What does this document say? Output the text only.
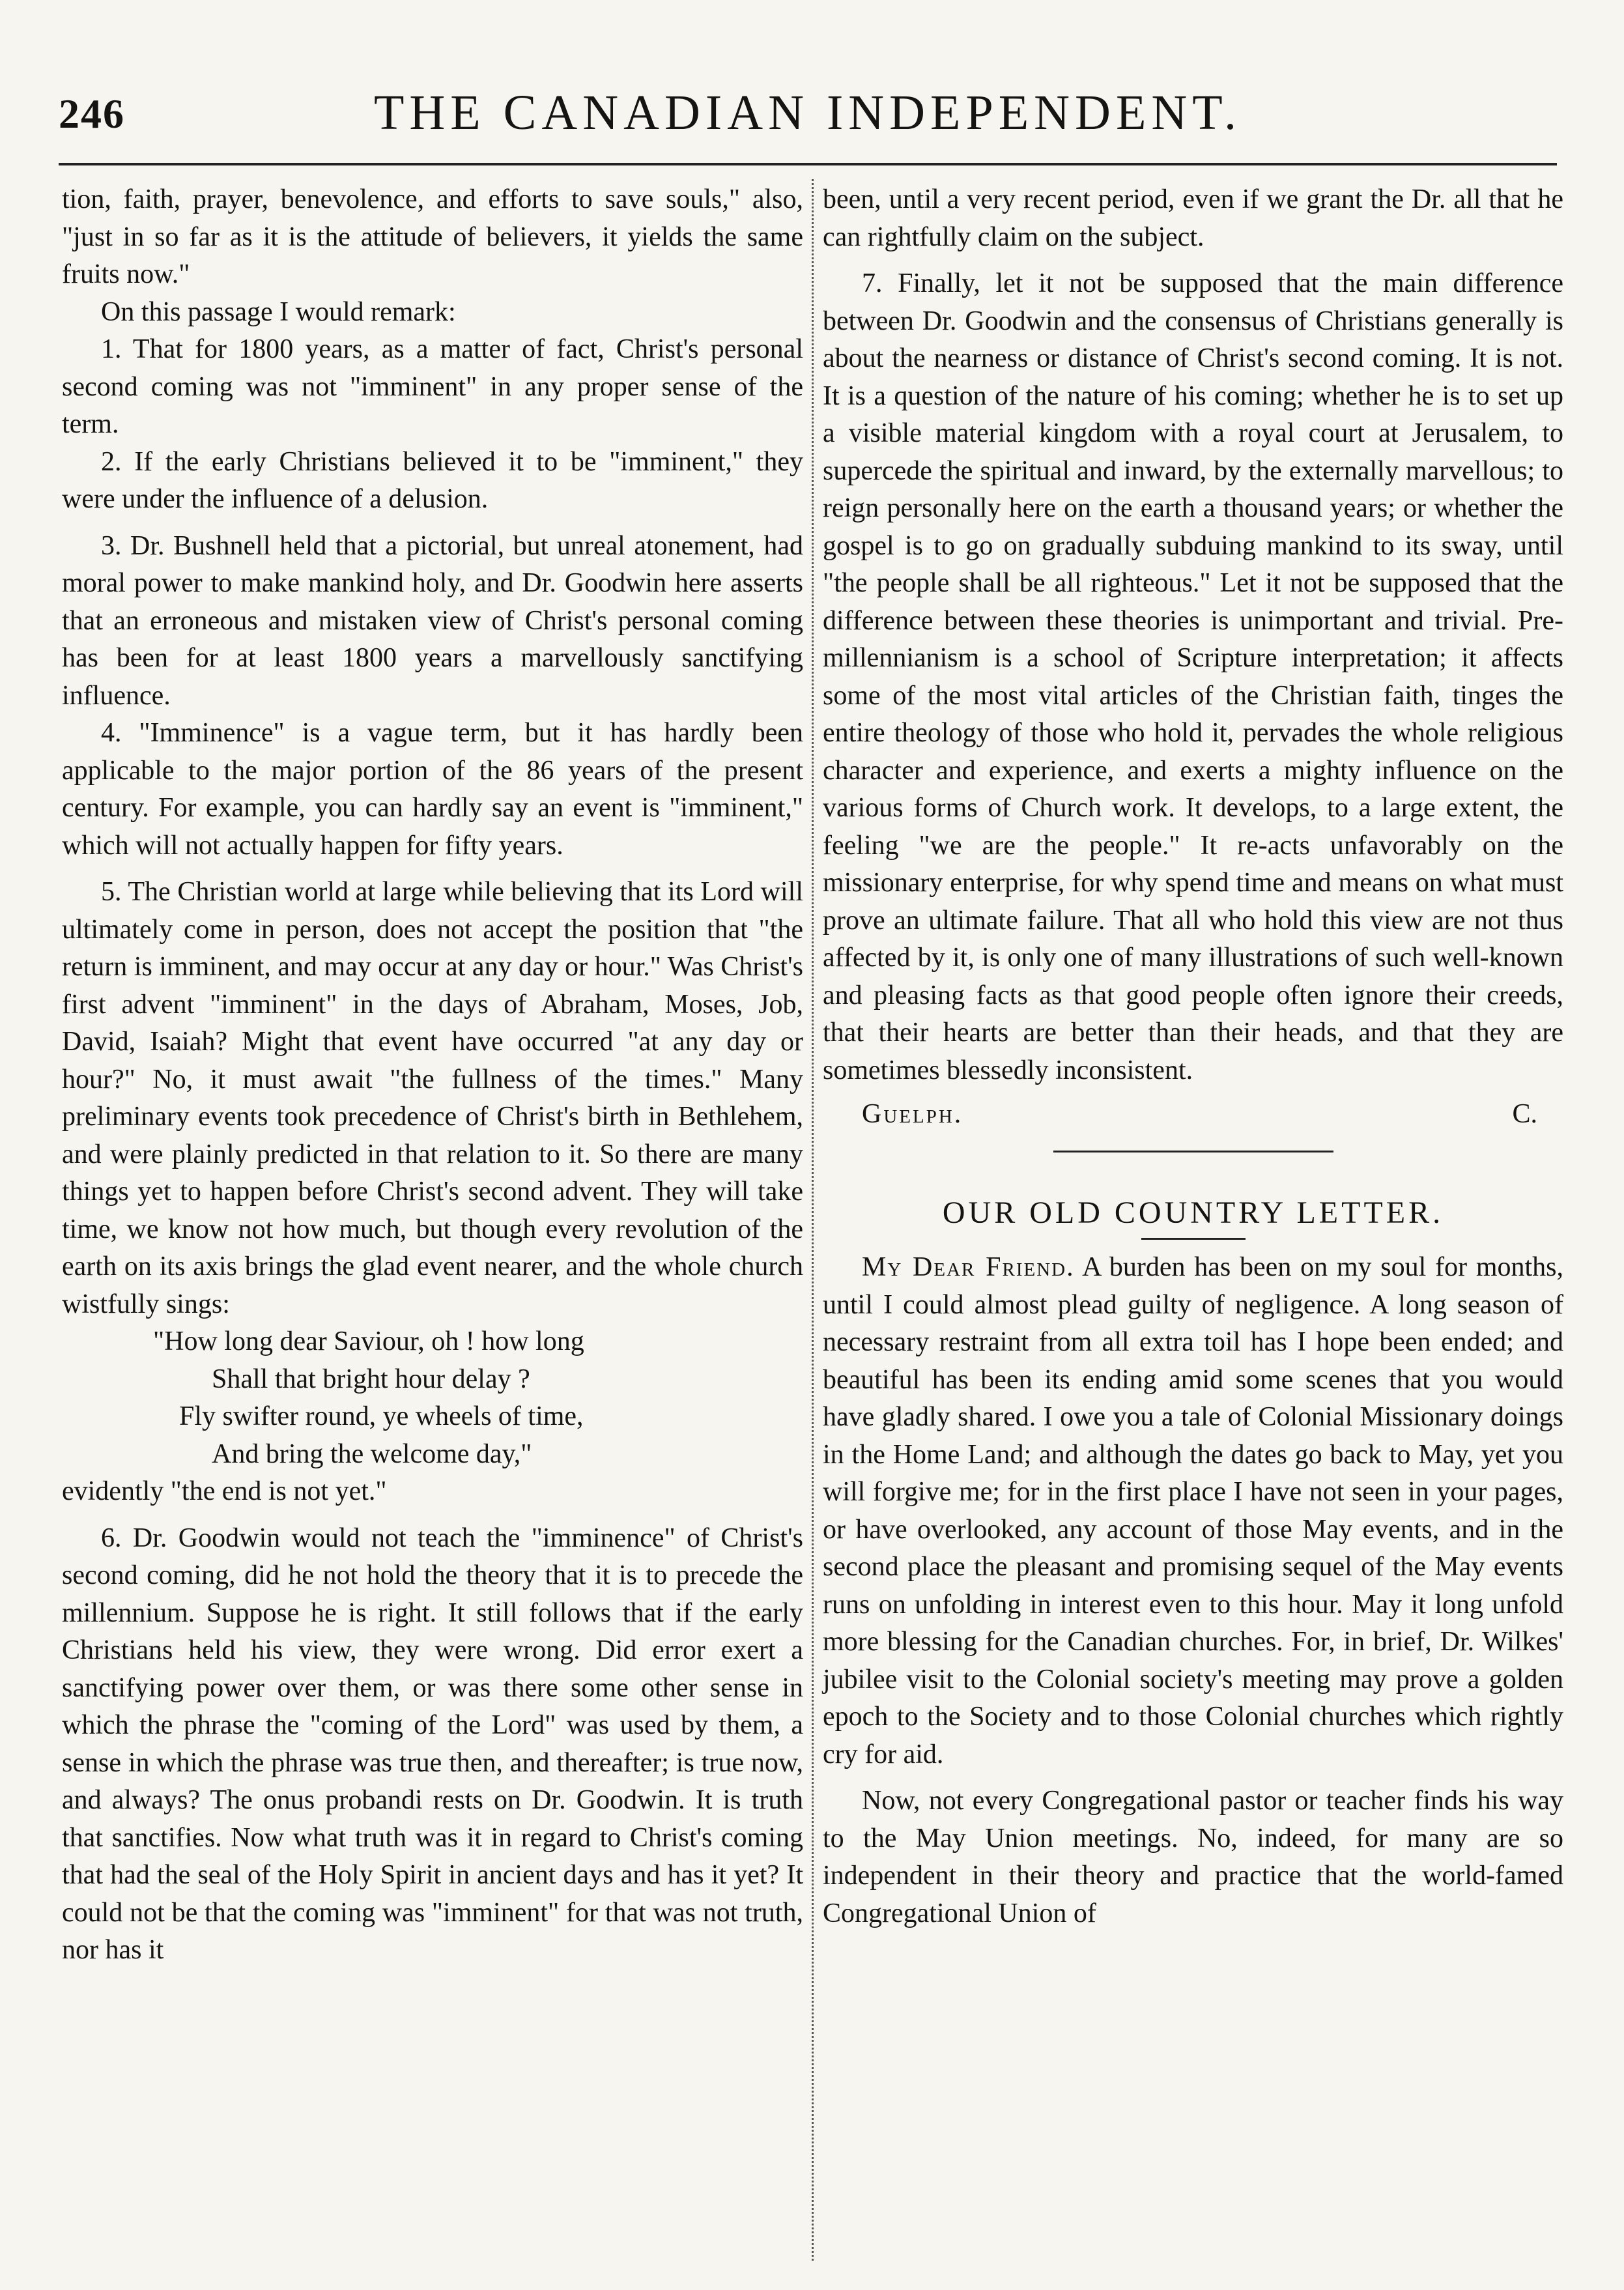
246	THE CANADIAN INDEPENDENT.

tion, faith, prayer, benevolence, and efforts to save souls," also, "just in so far as it is the attitude of believers, it yields the same fruits now."

On this passage I would remark:

1. That for 1800 years, as a matter of fact, Christ's personal second coming was not "imminent" in any proper sense of the term.

2. If the early Christians believed it to be "imminent," they were under the influence of a delusion.

3. Dr. Bushnell held that a pictorial, but unreal atonement, had moral power to make mankind holy, and Dr. Goodwin here asserts that an erroneous and mistaken view of Christ's personal coming has been for at least 1800 years a marvellously sanctifying influence.

4. "Imminence" is a vague term, but it has hardly been applicable to the major portion of the 86 years of the present century. For example, you can hardly say an event is "imminent," which will not actually happen for fifty years.

5. The Christian world at large while believing that its Lord will ultimately come in person, does not accept the position that "the return is imminent, and may occur at any day or hour." Was Christ's first advent "imminent" in the days of Abraham, Moses, Job, David, Isaiah? Might that event have occurred "at any day or hour?" No, it must await "the fullness of the times." Many preliminary events took precedence of Christ's birth in Bethlehem, and were plainly predicted in that relation to it. So there are many things yet to happen before Christ's second advent. They will take time, we know not how much, but though every revolution of the earth on its axis brings the glad event nearer, and the whole church wistfully sings:

"How long dear Saviour, oh ! how long

Shall that bright hour delay ?

Fly swifter round, ye wheels of time,

And bring the welcome day,"

evidently "the end is not yet."

6. Dr. Goodwin would not teach the "imminence" of Christ's second coming, did he not hold the theory that it is to precede the millennium. Suppose he is right. It still follows that if the early Christians held his view, they were wrong. Did error exert a sanctifying power over them, or was there some other sense in which the phrase the "coming of the Lord" was used by them, a sense in which the phrase was true then, and thereafter; is true now, and always? The onus probandi rests on Dr. Goodwin. It is truth that sanctifies. Now what truth was it in regard to Christ's coming that had the seal of the Holy Spirit in ancient days and has it yet? It could not be that the coming was "imminent" for that was not truth, nor has it

been, until a very recent period, even if we grant the Dr. all that he can rightfully claim on the subject.

7. Finally, let it not be supposed that the main difference between Dr. Goodwin and the consensus of Christians generally is about the nearness or distance of Christ's second coming. It is not. It is a question of the nature of his coming; whether he is to set up a visible material kingdom with a royal court at Jerusalem, to supercede the spiritual and inward, by the externally marvellous; to reign personally here on the earth a thousand years; or whether the gospel is to go on gradually subduing mankind to its sway, until "the people shall be all righteous." Let it not be supposed that the difference between these theories is unimportant and trivial. Pre-millennianism is a school of Scripture interpretation; it affects some of the most vital articles of the Christian faith, tinges the entire theology of those who hold it, pervades the whole religious character and experience, and exerts a mighty influence on the various forms of Church work. It develops, to a large extent, the feeling "we are the people." It re-acts unfavorably on the missionary enterprise, for why spend time and means on what must prove an ultimate failure. That all who hold this view are not thus affected by it, is only one of many illustrations of such well-known and pleasing facts as that good people often ignore their creeds, that their hearts are better than their heads, and that they are sometimes blessedly inconsistent.

Guelph.	C.

OUR OLD COUNTRY LETTER.

My Dear Friend. A burden has been on my soul for months, until I could almost plead guilty of negligence. A long season of necessary restraint from all extra toil has I hope been ended; and beautiful has been its ending amid some scenes that you would have gladly shared. I owe you a tale of Colonial Missionary doings in the Home Land; and although the dates go back to May, yet you will forgive me; for in the first place I have not seen in your pages, or have overlooked, any account of those May events, and in the second place the pleasant and promising sequel of the May events runs on unfolding in interest even to this hour. May it long unfold more blessing for the Canadian churches. For, in brief, Dr. Wilkes' jubilee visit to the Colonial society's meeting may prove a golden epoch to the Society and to those Colonial churches which rightly cry for aid.

Now, not every Congregational pastor or teacher finds his way to the May Union meetings. No, indeed, for many are so independent in their theory and practice that the world-famed Congregational Union of
